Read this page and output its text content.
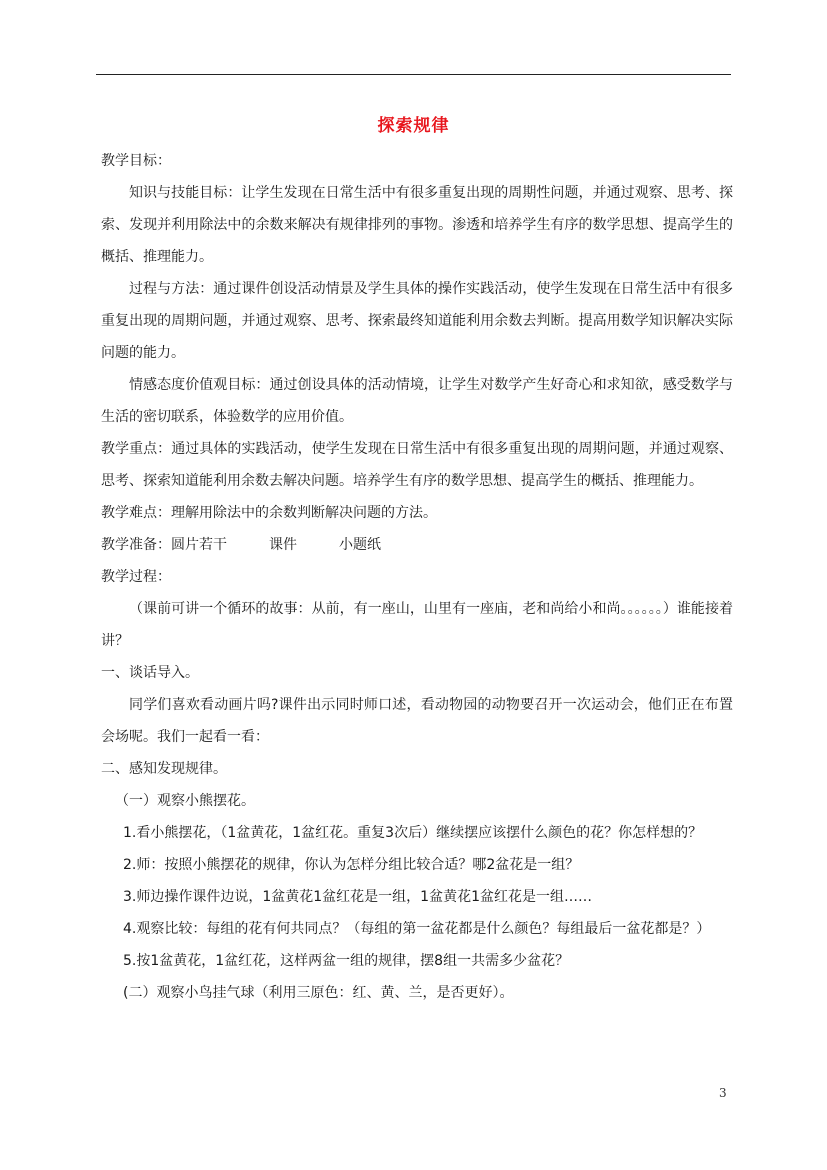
探索规律

教学目标：

知识与技能目标：让学生发现在日常生活中有很多重复出现的周期性问题，并通过观察、思考、探索、发现并利用除法中的余数来解决有规律排列的事物。渗透和培养学生有序的数学思想、提高学生的概括、推理能力。

过程与方法：通过课件创设活动情景及学生具体的操作实践活动，使学生发现在日常生活中有很多重复出现的周期问题，并通过观察、思考、探索最终知道能利用余数去判断。提高用数学知识解决实际问题的能力。

情感态度价值观目标：通过创设具体的活动情境，让学生对数学产生好奇心和求知欲，感受数学与生活的密切联系，体验数学的应用价值。

教学重点：通过具体的实践活动，使学生发现在日常生活中有很多重复出现的周期问题，并通过观察、思考、探索知道能利用余数去解决问题。培养学生有序的数学思想、提高学生的概括、推理能力。

教学难点：理解用除法中的余数判断解决问题的方法。

教学准备：圆片若干　　　课件　　　小题纸

教学过程：

（课前可讲一个循环的故事：从前，有一座山，山里有一座庙，老和尚给小和尚。。。。。。）谁能接着讲？

一、谈话导入。

同学们喜欢看动画片吗?课件出示同时师口述，看动物园的动物要召开一次运动会，他们正在布置会场呢。我们一起看一看：

二、感知发现规律。

（一）观察小熊摆花。

1.看小熊摆花，（1盆黄花，1盆红花。重复3次后）继续摆应该摆什么颜色的花？你怎样想的？

2.师：按照小熊摆花的规律，你认为怎样分组比较合适？哪2盆花是一组？

3.师边操作课件边说，1盆黄花1盆红花是一组，1盆黄花1盆红花是一组……

4.观察比较：每组的花有何共同点？（每组的第一盆花都是什么颜色？每组最后一盆花都是？）

5.按1盆黄花，1盆红花，这样两盆一组的规律，摆8组一共需多少盆花？

(二）观察小鸟挂气球（利用三原色：红、黄、兰，是否更好）。

3
